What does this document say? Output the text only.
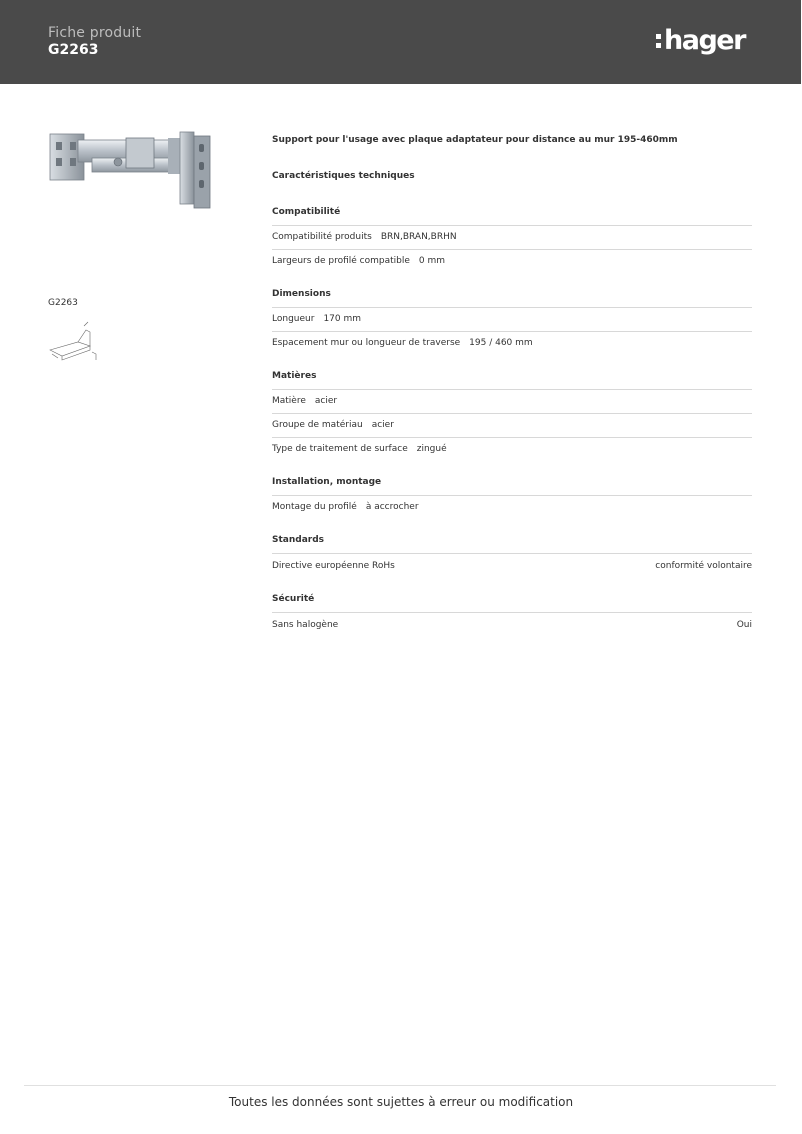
Fiche produit
G2263	hager
G2263
Support pour l'usage avec plaque adaptateur pour distance au mur 195-460mm
Caractéristiques techniques
Compatibilité
Compatibilité produits BRN,BRAN,BRHN
Largeurs de profilé compatible 0 mm
Dimensions
Longueur 170 mm
Espacement mur ou longueur de traverse 195 / 460 mm
Matières
Matière acier
Groupe de matériau acier
Type de traitement de surface zingué
Installation, montage
Montage du profilé à accrocher
Standards
Directive européenne RoHs	conformité volontaire
Sécurité
Sans halogène	Oui
Toutes les données sont sujettes à erreur ou modification
